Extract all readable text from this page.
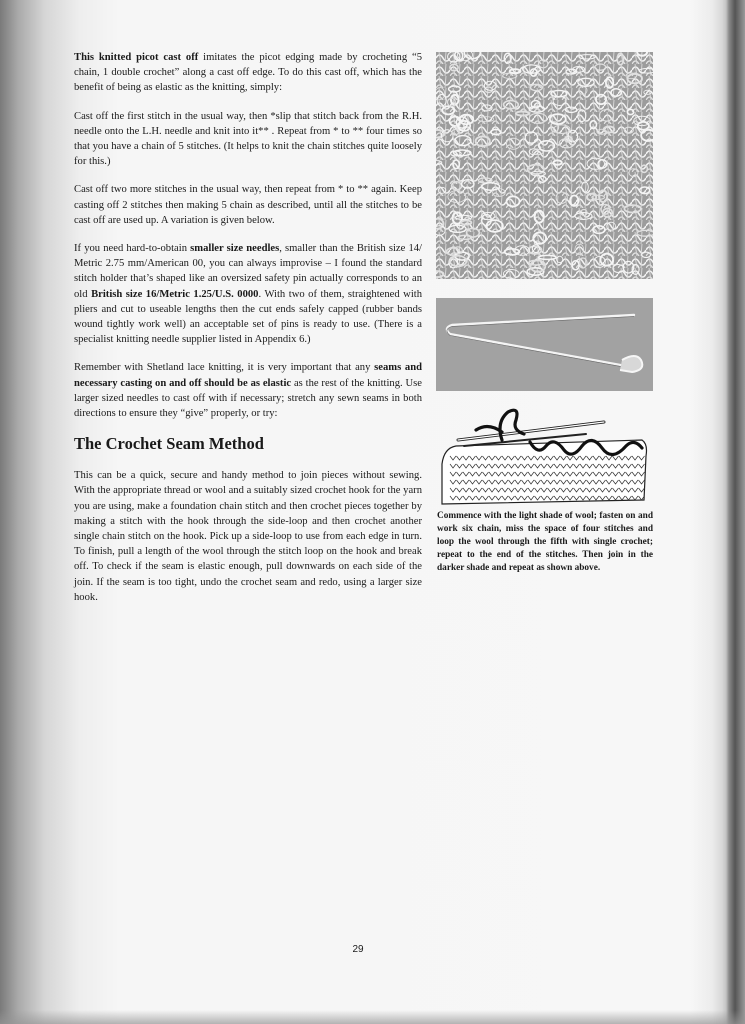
This knitted picot cast off imitates the picot edging made by crocheting “5 chain, 1 double crochet” along a cast off edge. To do this cast off, which has the benefit of being as elastic as the knitting, simply:

Cast off the first stitch in the usual way, then *slip that stitch back from the R.H. needle onto the L.H. needle and knit into it** . Repeat from * to ** four times so that you have a chain of 5 stitches. (It helps to knit the chain stitches quite loosely for this.)

Cast off two more stitches in the usual way, then repeat from * to ** again. Keep casting off 2 stitches then making 5 chain as described, until all the stitches to be cast off are used up. A variation is given below.

If you need hard-to-obtain smaller size needles, smaller than the British size 14/ Metric 2.75 mm/American 00, you can always improvise – I found the standard stitch holder that’s shaped like an oversized safety pin actually corresponds to an old British size 16/Metric 1.25/U.S. 0000. With two of them, straightened with pliers and cut to useable lengths then the cut ends safely capped (rubber bands wound tightly work well) an acceptable set of pins is ready to use. (There is a specialist knitting needle supplier listed in Appendix 6.)

Remember with Shetland lace knitting, it is very important that any seams and necessary casting on and off should be as elastic as the rest of the knitting. Use larger sized needles to cast off with if necessary; stretch any sewn seams in both directions to ensure they “give” properly, or try:

The Crochet Seam Method

This can be a quick, secure and handy method to join pieces without sewing. With the appropriate thread or wool and a suitably sized crochet hook for the yarn you are using, make a foundation chain stitch and then crochet pieces together by making a stitch with the hook through the side-loop and then crochet another single chain stitch on the hook. Pick up a side-loop to use from each edge in turn. To finish, pull a length of the wool through the stitch loop on the hook and break off. To check if the seam is elastic enough, pull downwards on each side of the join. If the seam is too tight, undo the crochet seam and redo, using a larger size hook.

Commence with the light shade of wool; fasten on and work six chain, miss the space of four stitches and loop the wool through the fifth with single crochet; repeat to the end of the stitches. Then join in the darker shade and repeat as shown above.
29
